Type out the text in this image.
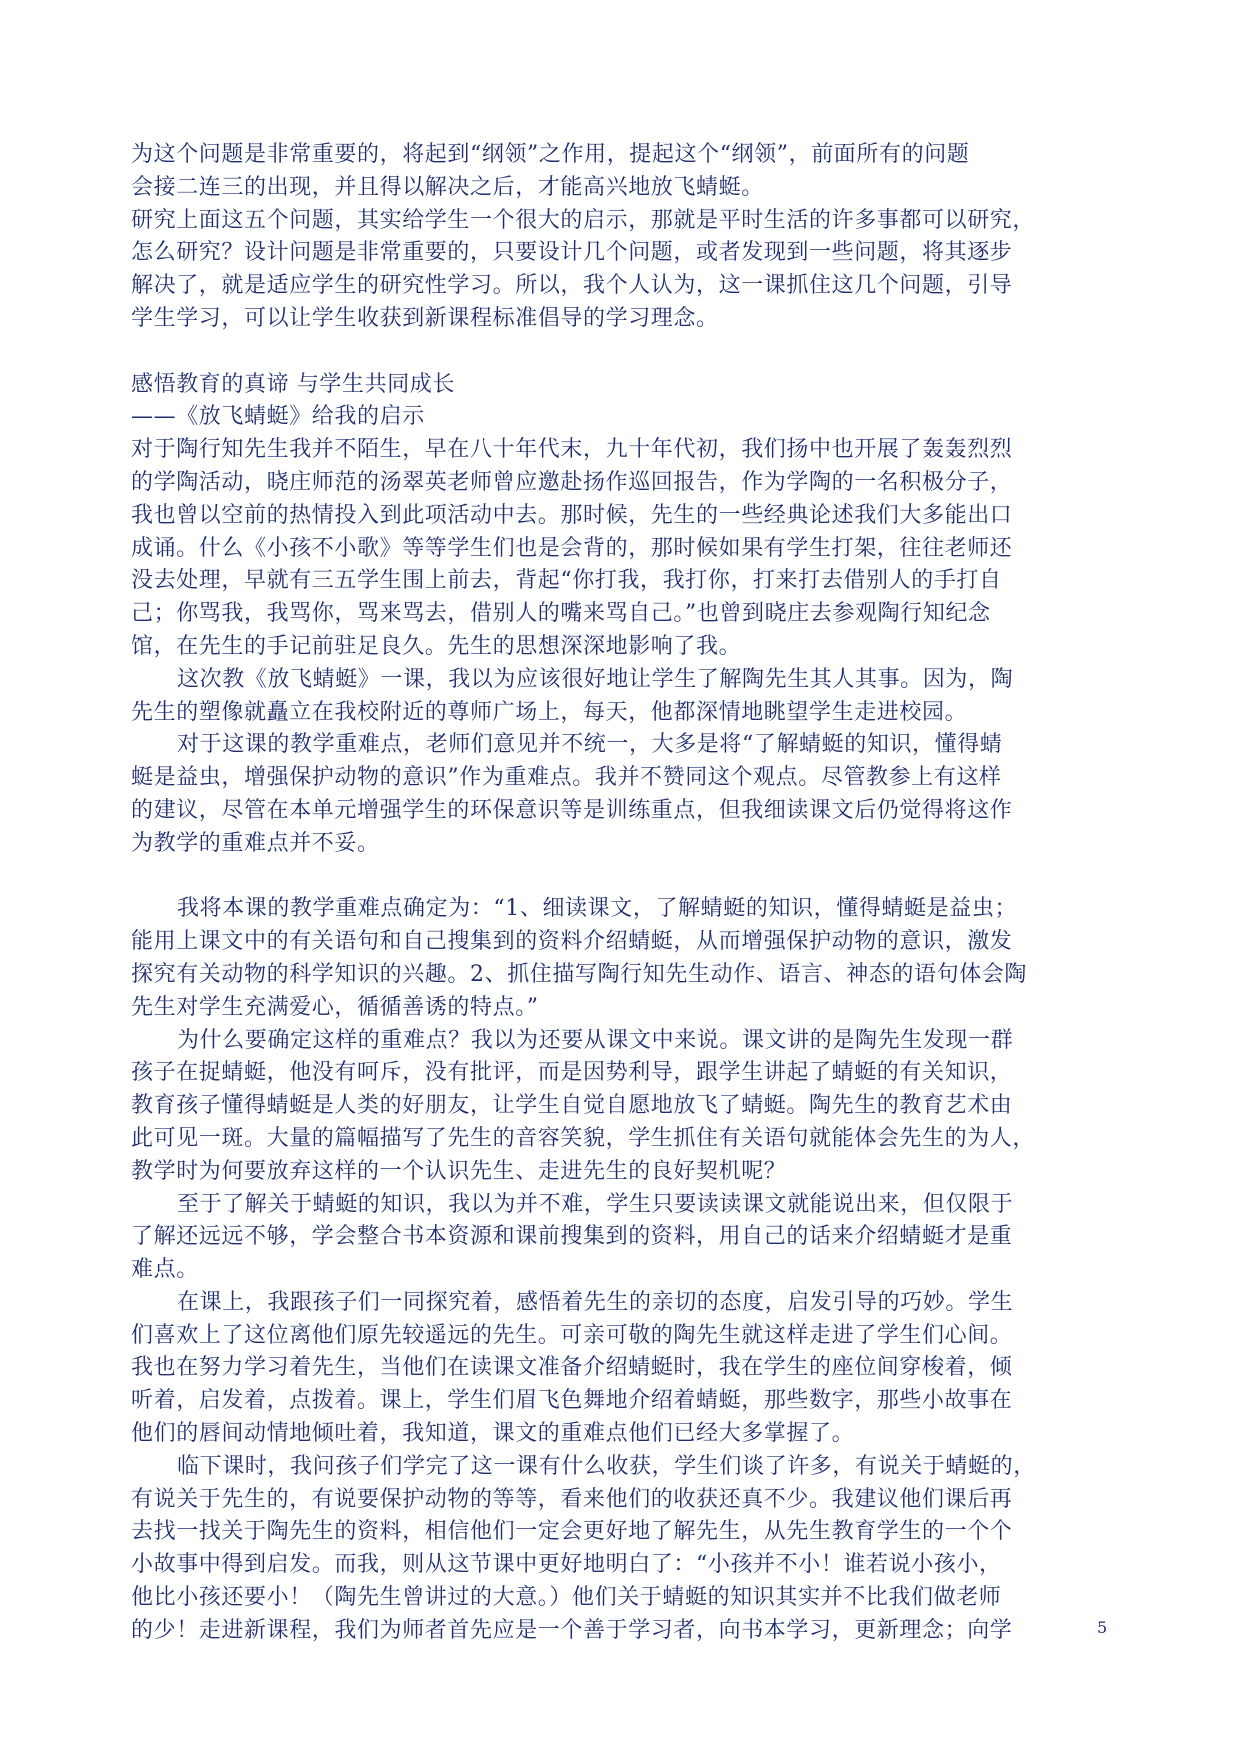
为这个问题是非常重要的，将起到“纲领”之作用，提起这个“纲领”，前面所有的问题
会接二连三的出现，并且得以解决之后，才能高兴地放飞蜻蜓。
研究上面这五个问题，其实给学生一个很大的启示，那就是平时生活的许多事都可以研究，
怎么研究？设计问题是非常重要的，只要设计几个问题，或者发现到一些问题，将其逐步
解决了，就是适应学生的研究性学习。所以，我个人认为，这一课抓住这几个问题，引导
学生学习，可以让学生收获到新课程标准倡导的学习理念。
感悟教育的真谛 与学生共同成长
——《放飞蜻蜓》给我的启示
对于陶行知先生我并不陌生，早在八十年代末，九十年代初，我们扬中也开展了轰轰烈烈
的学陶活动，晓庄师范的汤翠英老师曾应邀赴扬作巡回报告，作为学陶的一名积极分子，
我也曾以空前的热情投入到此项活动中去。那时候，先生的一些经典论述我们大多能出口
成诵。什么《小孩不小歌》等等学生们也是会背的，那时候如果有学生打架，往往老师还
没去处理，早就有三五学生围上前去，背起“你打我，我打你，打来打去借别人的手打自
己；你骂我，我骂你，骂来骂去，借别人的嘴来骂自己。”也曾到晓庄去参观陶行知纪念
馆，在先生的手记前驻足良久。先生的思想深深地影响了我。
这次教《放飞蜻蜓》一课，我以为应该很好地让学生了解陶先生其人其事。因为，陶
先生的塑像就矗立在我校附近的尊师广场上，每天，他都深情地眺望学生走进校园。
对于这课的教学重难点，老师们意见并不统一，大多是将“了解蜻蜓的知识，懂得蜻
蜓是益虫，增强保护动物的意识”作为重难点。我并不赞同这个观点。尽管教参上有这样
的建议，尽管在本单元增强学生的环保意识等是训练重点，但我细读课文后仍觉得将这作
为教学的重难点并不妥。
我将本课的教学重难点确定为：“1、细读课文，了解蜻蜓的知识，懂得蜻蜓是益虫；
能用上课文中的有关语句和自己搜集到的资料介绍蜻蜓，从而增强保护动物的意识，激发
探究有关动物的科学知识的兴趣。2、抓住描写陶行知先生动作、语言、神态的语句体会陶
先生对学生充满爱心，循循善诱的特点。”
为什么要确定这样的重难点？我以为还要从课文中来说。课文讲的是陶先生发现一群
孩子在捉蜻蜓，他没有呵斥，没有批评，而是因势利导，跟学生讲起了蜻蜓的有关知识，
教育孩子懂得蜻蜓是人类的好朋友，让学生自觉自愿地放飞了蜻蜓。陶先生的教育艺术由
此可见一斑。大量的篇幅描写了先生的音容笑貌，学生抓住有关语句就能体会先生的为人，
教学时为何要放弃这样的一个认识先生、走进先生的良好契机呢？
至于了解关于蜻蜓的知识，我以为并不难，学生只要读读课文就能说出来，但仅限于
了解还远远不够，学会整合书本资源和课前搜集到的资料，用自己的话来介绍蜻蜓才是重
难点。
在课上，我跟孩子们一同探究着，感悟着先生的亲切的态度，启发引导的巧妙。学生
们喜欢上了这位离他们原先较遥远的先生。可亲可敬的陶先生就这样走进了学生们心间。
我也在努力学习着先生，当他们在读课文准备介绍蜻蜓时，我在学生的座位间穿梭着，倾
听着，启发着，点拨着。课上，学生们眉飞色舞地介绍着蜻蜓，那些数字，那些小故事在
他们的唇间动情地倾吐着，我知道，课文的重难点他们已经大多掌握了。
临下课时，我问孩子们学完了这一课有什么收获，学生们谈了许多，有说关于蜻蜓的，
有说关于先生的，有说要保护动物的等等，看来他们的收获还真不少。我建议他们课后再
去找一找关于陶先生的资料，相信他们一定会更好地了解先生，从先生教育学生的一个个
小故事中得到启发。而我，则从这节课中更好地明白了：“小孩并不小！谁若说小孩小，
他比小孩还要小！（陶先生曾讲过的大意。）他们关于蜻蜓的知识其实并不比我们做老师
的少！走进新课程，我们为师者首先应是一个善于学习者，向书本学习，更新理念；向学	5
